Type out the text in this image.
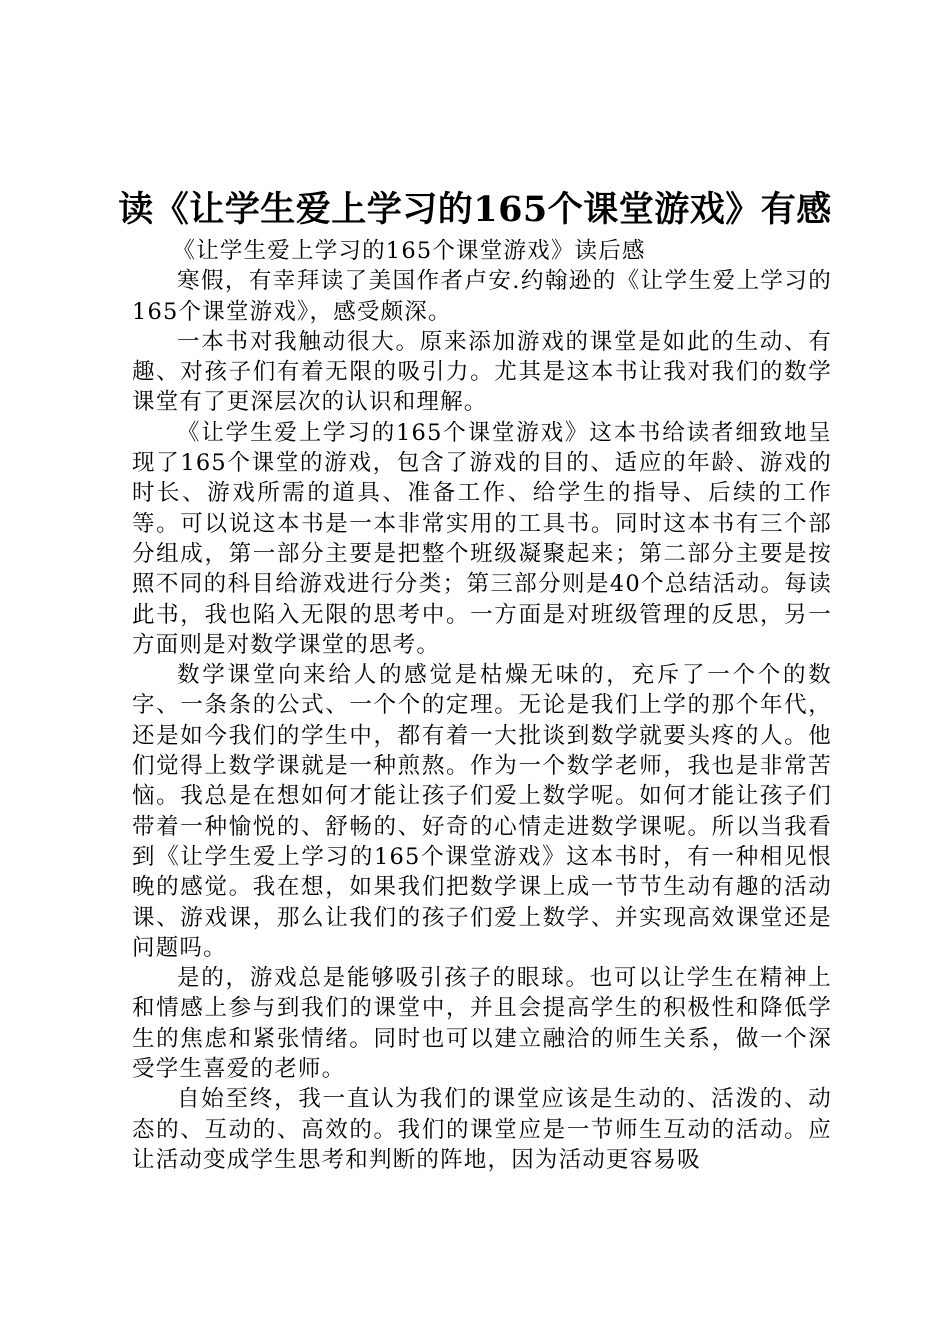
读《让学生爱上学习的165个课堂游戏》有感

《让学生爱上学习的165个课堂游戏》读后感

寒假，有幸拜读了美国作者卢安.约翰逊的《让学生爱上学习的165个课堂游戏》，感受颇深。

一本书对我触动很大。原来添加游戏的课堂是如此的生动、有趣、对孩子们有着无限的吸引力。尤其是这本书让我对我们的数学课堂有了更深层次的认识和理解。

《让学生爱上学习的165个课堂游戏》这本书给读者细致地呈现了165个课堂的游戏，包含了游戏的目的、适应的年龄、游戏的时长、游戏所需的道具、准备工作、给学生的指导、后续的工作等。可以说这本书是一本非常实用的工具书。同时这本书有三个部分组成，第一部分主要是把整个班级凝聚起来；第二部分主要是按照不同的科目给游戏进行分类；第三部分则是40个总结活动。每读此书，我也陷入无限的思考中。一方面是对班级管理的反思，另一方面则是对数学课堂的思考。

数学课堂向来给人的感觉是枯燥无味的，充斥了一个个的数字、一条条的公式、一个个的定理。无论是我们上学的那个年代，还是如今我们的学生中，都有着一大批谈到数学就要头疼的人。他们觉得上数学课就是一种煎熬。作为一个数学老师，我也是非常苦恼。我总是在想如何才能让孩子们爱上数学呢。如何才能让孩子们带着一种愉悦的、舒畅的、好奇的心情走进数学课呢。所以当我看到《让学生爱上学习的165个课堂游戏》这本书时，有一种相见恨晚的感觉。我在想，如果我们把数学课上成一节节生动有趣的活动课、游戏课，那么让我们的孩子们爱上数学、并实现高效课堂还是问题吗。

是的，游戏总是能够吸引孩子的眼球。也可以让学生在精神上和情感上参与到我们的课堂中，并且会提高学生的积极性和降低学生的焦虑和紧张情绪。同时也可以建立融洽的师生关系，做一个深受学生喜爱的老师。

自始至终，我一直认为我们的课堂应该是生动的、活泼的、动态的、互动的、高效的。我们的课堂应是一节师生互动的活动。应让活动变成学生思考和判断的阵地，因为活动更容易吸
